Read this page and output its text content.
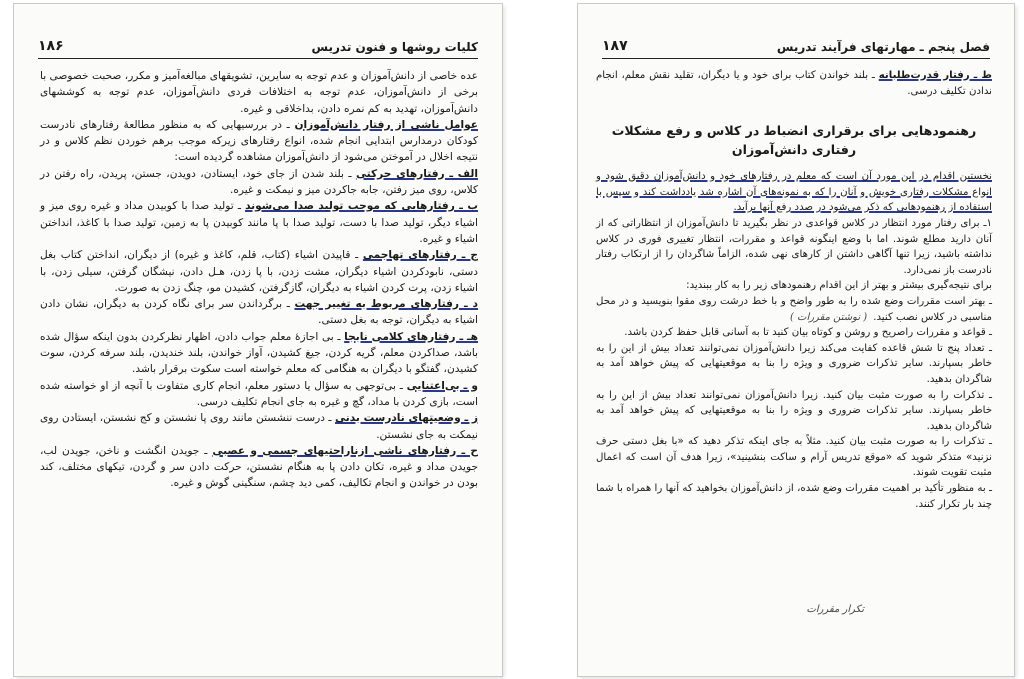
۱۸۶	کلیات روشها و فنون تدریس

عده خاصی از دانش‌آموزان و عدم توجه به سایرین، تشویقهای مبالغه‌آمیز و مکرر، صحبت خصوصی با برخی از دانش‌آموزان، عدم توجه به اختلافات فردی دانش‌آموزان، عدم توجه به کوششهای دانش‌آموزان، تهدید به کم نمره دادن، بداخلاقی و غیره.

عوامل ناشی از رفتار دانش‌آموزان ـ در بررسیهایی که به منظور مطالعهٔ رفتارهای نادرست کودکان درمدارس ابتدایی انجام شده، انواع رفتارهای زیرکه موجب برهم خوردن نظم کلاس و در نتیجه اخلال در آموختن می‌شود از دانش‌آموزان مشاهده گردیده است:

الف ـ رفتارهای حرکتی ـ بلند شدن از جای خود، ایستادن، دویدن، جستن، پریدن، راه رفتن در کلاس، روی میز رفتن، جابه جاکردن میز و نیمکت و غیره.

ب ـ رفتارهایی که موجب تولید صدا می‌شوند ـ تولید صدا با کوبیدن مداد و غیره روی میز و اشیاء دیگر، تولید صدا با دست، تولید صدا با پا مانند کوبیدن پا به زمین، تولید صدا با کاغذ، انداختن اشیاء و غیره.

ج ـ رفتارهای تهاجمی ـ قاپیدن اشیاء (کتاب، قلم، کاغذ و غیره) از دیگران، انداختن کتاب بغل دستی، نابودکردن اشیاء دیگران، مشت زدن، با پا زدن، هـل دادن، نیشگان گرفتن، سیلی زدن، با اشیاء زدن، پرت کردن اشیاء به دیگران، گازگرفتن، کشیدن مو، چنگ زدن به صورت.

د ـ رفتارهای مربوط به تغییر جهت ـ برگرداندن سر برای نگاه کردن به دیگران، نشان دادن اشیاء به دیگران، توجه به بغل دستی.

هـ ـ رفتارهای کلامی نابجا ـ بی اجازهٔ معلم جواب دادن، اظهار نظرکردن بدون اینکه سؤال شده باشد، صداکردن معلم، گریه کردن، جیغ کشیدن، آواز خواندن، بلند خندیدن، بلند سرفه کردن، سوت کشیدن، گفتگو با دیگران به هنگامی که معلم خواسته است سکوت برقرار باشد.

و ـ بی‌اعتنایی ـ بی‌توجهی به سؤال یا دستور معلم، انجام کاری متفاوت با آنچه از او خواسته شده است، بازی کردن با مداد، گچ و غیره به جای انجام تکلیف درسی.

ز ـ وضعیتهای نادرست بدنی ـ درست ننشستن مانند روی پا نشستن و کج نشستن، ایستادن روی نیمکت به جای نشستن.

ح ـ رفتارهای ناشی ازناراحتیهای جسمی و عصبی ـ جویدن انگشت و ناخن، جویدن لب، جویدن مداد و غیره، تکان دادن پا به هنگام نشستن، حرکت دادن سر و گردن، تیکهای مختلف، کند بودن در خواندن و انجام تکالیف، کمی دید چشم، سنگینی گوش و غیره.

۱۸۷	فصل پنجم ـ مهارتهای فرآیند تدریس

ط ـ رفتار قدرت‌طلبانه ـ بلند خواندن کتاب برای خود و یا دیگران، تقلید نقش معلم، انجام ندادن تکلیف درسی.

رهنمودهایی برای برقراری انضباط در کلاس و رفع مشکلات رفتاری دانش‌آموزان

نخستین اقدام در این مورد آن است که معلم در رفتارهای خود و دانش‌آموزان دقیق شود و انواع مشکلات رفتاری خویش و آنان را که به نمونه‌های آن اشاره شد یادداشت کند و سپس با استفاده از رهنمودهایی که ذکر می‌شود در صدد رفع آنها برآید.

۱ـ برای رفتار مورد انتظار در کلاس قواعدی در نظر بگیرید تا دانش‌آموزان از انتظاراتی که از آنان دارید مطلع شوند. اما با وضع اینگونه قواعد و مقررات، انتظار تغییری فوری در کلاس نداشته باشید، زیرا تنها آگاهی داشتن از کارهای نهی شده، الزاماً شاگردان را از ارتکاب رفتار نادرست باز نمی‌دارد.

برای نتیجه‌گیری بیشتر و بهتر از این اقدام رهنمودهای زیر را به کار ببندید:

ـ بهتر است مقررات وضع شده را به طور واضح و با خط درشت روی مقوا بنویسید و در محل مناسبی در کلاس نصب کنید.( نوشتن مقررات )

ـ قواعد و مقررات راصریح و روشن و کوتاه بیان کنید تا به آسانی قابل حفظ کردن باشد.

ـ تعداد پنج تا شش قاعده کفایت می‌کند زیرا دانش‌آموزان نمی‌توانند تعداد بیش از این را به خاطر بسپارند. سایر تذکرات ضروری و ویژه را بنا به موقعیتهایی که پیش خواهد آمد به شاگردان بدهید.

ـ تذکرات را به صورت مثبت بیان کنید. زیرا دانش‌آموزان نمی‌توانند تعداد بیش از این را به خاطر بسپارند. سایر تذکرات ضروری و ویژه را بنا به موقعیتهایی که پیش خواهد آمد به شاگردان بدهید.

ـ تذکرات را به صورت مثبت بیان کنید. مثلاً به جای اینکه تذکر دهید که «با بغل دستی حرف نزنید» متذکر شوید که «موقع تدریس آرام و ساکت بنشینید»، زیرا هدف آن است که اعمال مثبت تقویت شوند.

ـ به منظور تأکید بر اهمیت مقررات وضع شده، از دانش‌آموزان بخواهید که آنها را همراه با شما چند بار تکرار کنند.

تکرار مقررات
